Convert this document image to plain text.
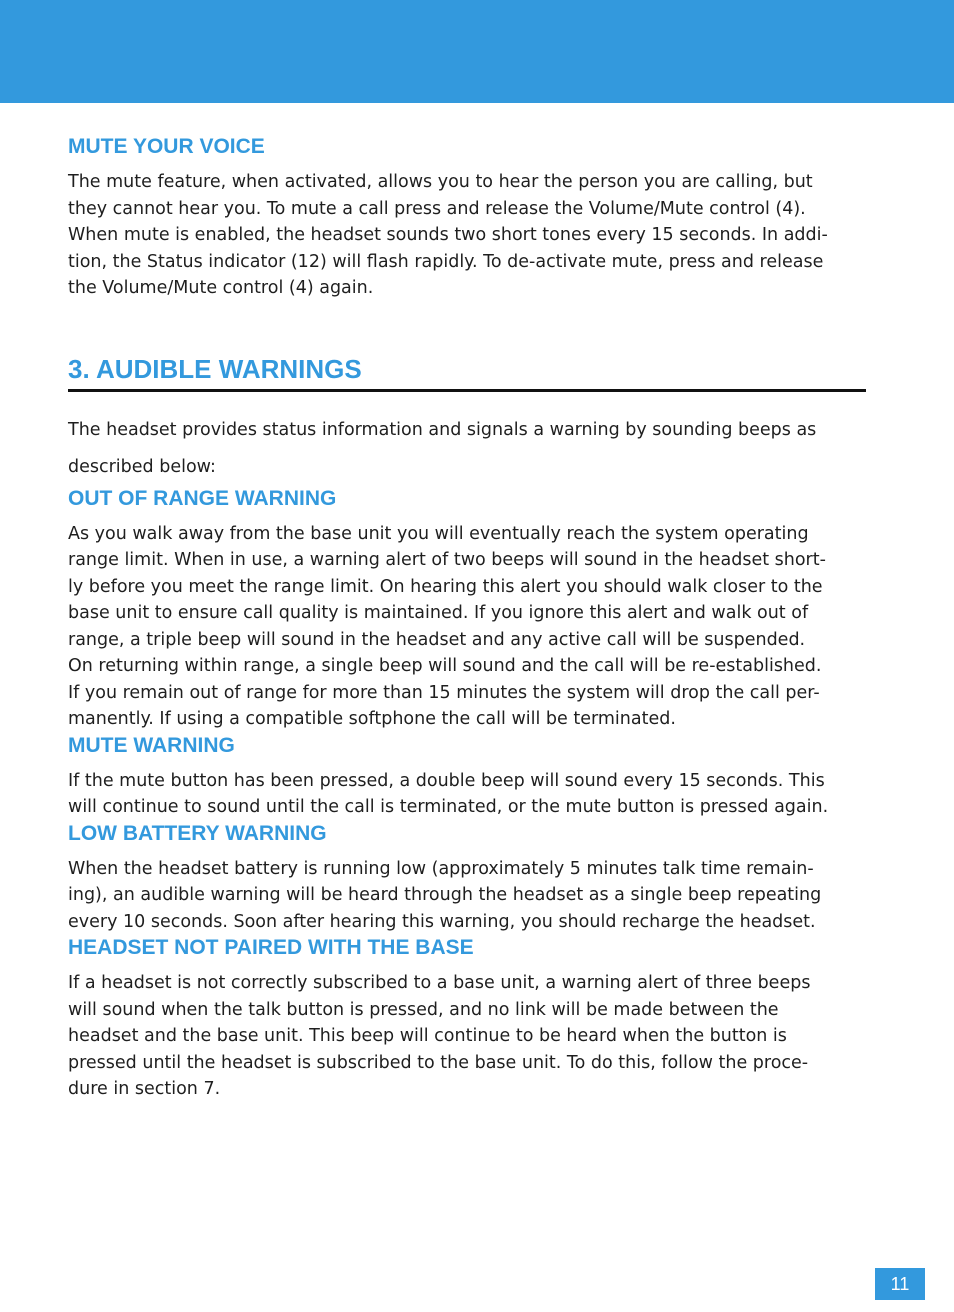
MUTE YOUR VOICE

The mute feature, when activated, allows you to hear the person you are calling, but
they cannot hear you. To mute a call press and release the Volume/Mute control (4).
When mute is enabled, the headset sounds two short tones every 15 seconds. In addi-
tion, the Status indicator (12) will flash rapidly. To de-activate mute, press and release
the Volume/Mute control (4) again.

3. AUDIBLE WARNINGS

The headset provides status information and signals a warning by sounding beeps as
described below:

OUT OF RANGE WARNING

As you walk away from the base unit you will eventually reach the system operating
range limit. When in use, a warning alert of two beeps will sound in the headset short-
ly before you meet the range limit. On hearing this alert you should walk closer to the
base unit to ensure call quality is maintained. If you ignore this alert and walk out of
range, a triple beep will sound in the headset and any active call will be suspended.
On returning within range, a single beep will sound and the call will be re-established.
If you remain out of range for more than 15 minutes the system will drop the call per-
manently. If using a compatible softphone the call will be terminated.

MUTE WARNING

If the mute button has been pressed, a double beep will sound every 15 seconds. This
will continue to sound until the call is terminated, or the mute button is pressed again.

LOW BATTERY WARNING

When the headset battery is running low (approximately 5 minutes talk time remain-
ing), an audible warning will be heard through the headset as a single beep repeating
every 10 seconds. Soon after hearing this warning, you should recharge the headset.

HEADSET NOT PAIRED WITH THE BASE

If a headset is not correctly subscribed to a base unit, a warning alert of three beeps
will sound when the talk button is pressed, and no link will be made between the
headset and the base unit. This beep will continue to be heard when the button is
pressed until the headset is subscribed to the base unit. To do this, follow the proce-
dure in section 7.

11
